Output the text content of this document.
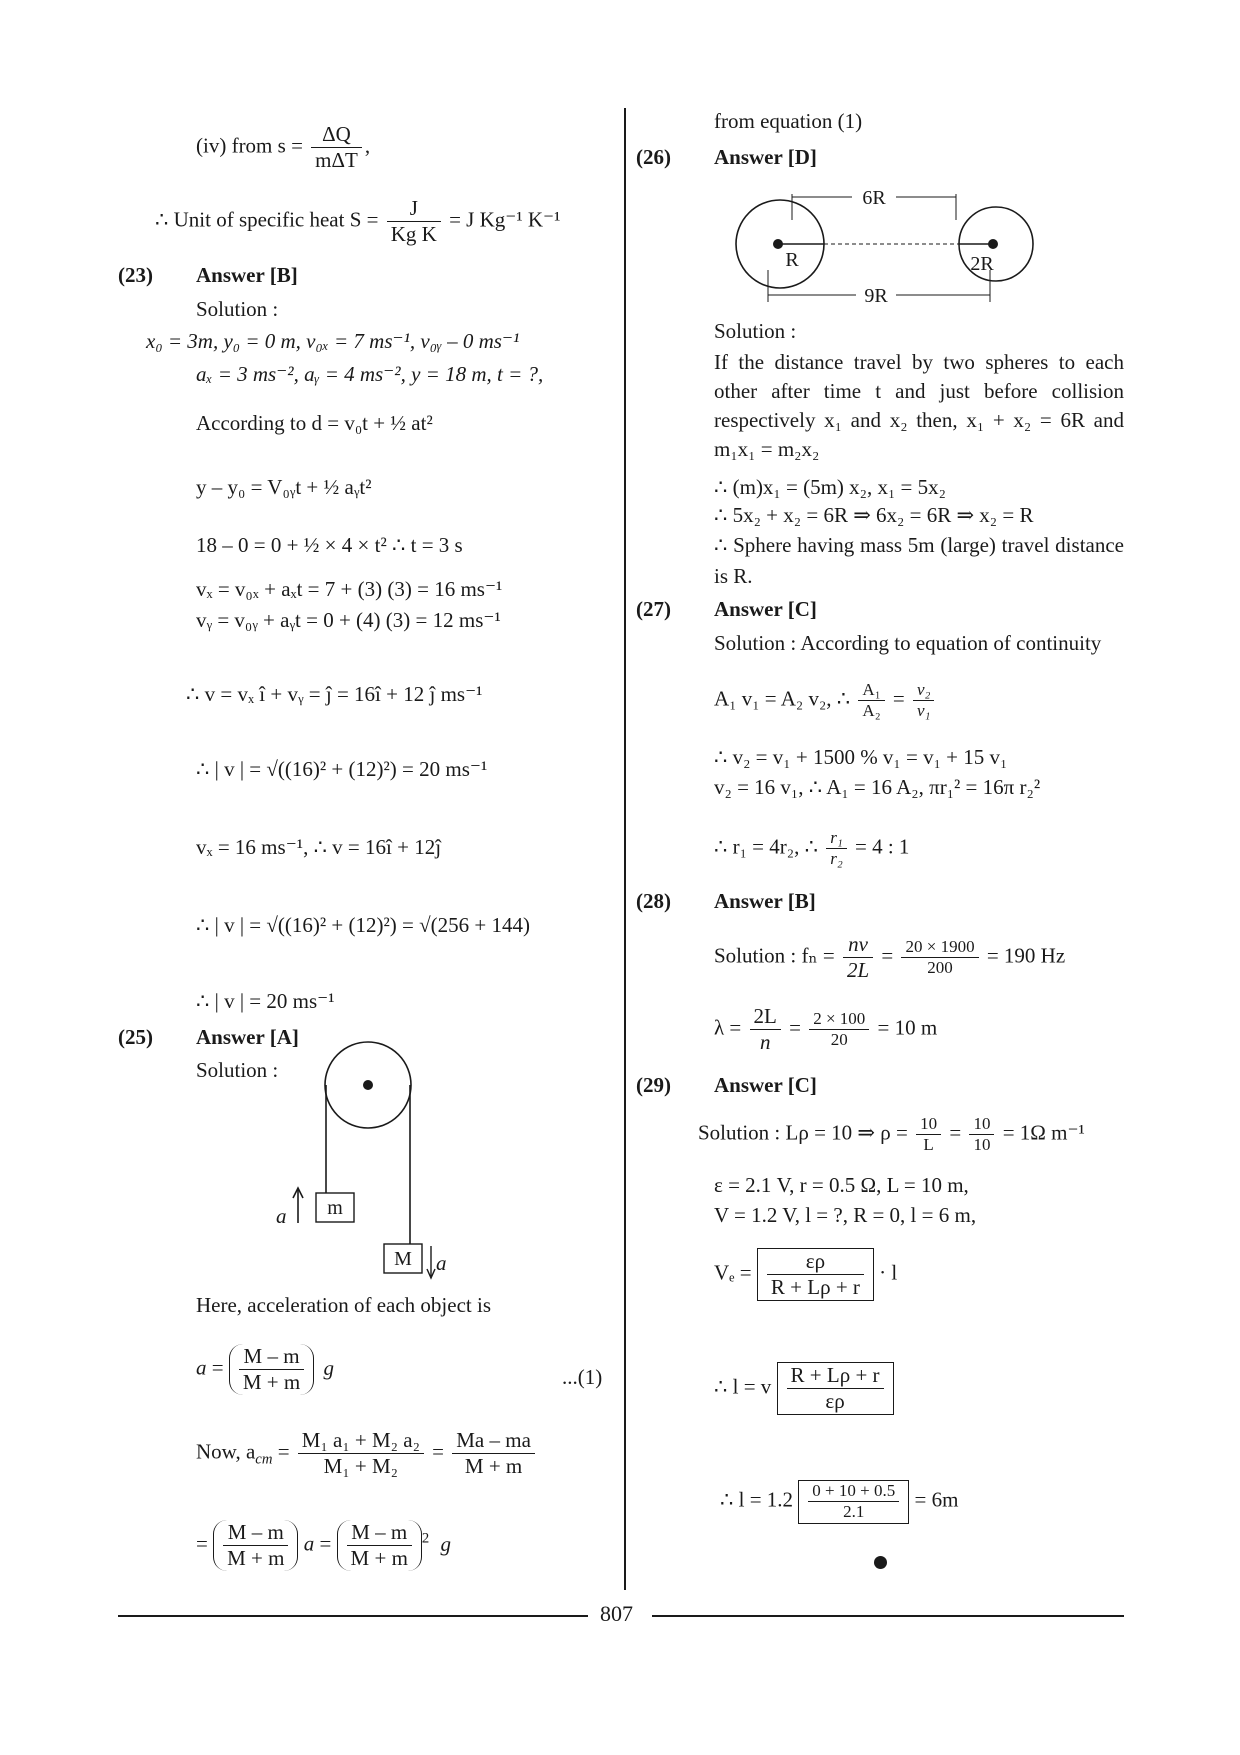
(iv) from $s = \frac{\Delta Q}{\text{mΔT}}$ ,
∴ Unit of specific heat $S = \frac{J}{\text{Kg K}} = J$ Kg⁻¹ K⁻¹
(23) Answer [B]
Solution :
x₀ = 3m, y₀ = 0 m, v₀ₓ = 7 ms⁻¹, v₀ᵧ – 0 ms⁻¹
aₓ = 3 ms⁻², aᵧ = 4 ms⁻², y = 18 m, t = ?,
According to d = v₀t + ½ at²
y – y₀ = V₀ᵧt + ½ aᵧt²
18 – 0 = 0 + ½ × 4 × t² ∴ t = 3 s
vₓ = v₀ₓ + aₓt = 7 + (3) (3) = 16 ms⁻¹
vᵧ = v₀ᵧ + aᵧt = 0 + (4) (3) = 12 ms⁻¹
∴ v = vₓ î + vᵧ = ĵ = 16î + 12 ĵ ms⁻¹
∴ | v | = √((16)² + (12)²) = 20 ms⁻¹
vₓ = 16 ms⁻¹, ∴ v = 16î + 12ĵ
∴ | v | = √((16)² + (12)²) = √(256 + 144)
∴ | v | = 20 ms⁻¹
(25) Answer [A]
Solution :
m
M
a
a
Here, acceleration of each object is
$a = \frac{M - m}{M + m}$ g	...(1)
Now, $a_{cm} = \frac{\text{M₁ a₁ + M₂ a₂}}{\text{M₁ + M₂}} = \frac{Ma - ma}{M + m}$
= $\frac{M - m}{M + m}$ $a = \frac{M - m}{M + m} ^2$ g
from equation (1)
(26) Answer [D]
6R
9R
R	2R
Solution :
If the distance travel by two spheres to each other after time t and just before collision respectively x₁ and x₂ then, x₁ + x₂ = 6R and m₁x₁ = m₂x₂
∴ (m)x₁ = (5m) x₂, x₁ = 5x₂
∴ 5x₂ + x₂ = 6R ⇒ 6x₂ = 6R ⇒ x₂ = R
∴ Sphere having mass 5m (large) travel distance is R.
(27) Answer [C]
Solution : According to equation of continuity
A₁ v₁ = A₂ v₂, ∴ $\frac{\text{A₁}}{\text{A₂}} = \frac{\text{v₂}}{\text{v₁}}$
∴ v₂ = v₁ + 1500 % v₁ = v₁ + 15 v₁
v₂ = 16 v₁, ∴ A₁ = 16 A₂, πr₁² = 16π r₂²
∴ r₁ = 4r₂, ∴ $\frac{\text{r₁}}{\text{r₂}} = 4$ : 1
(28) Answer [B]
Solution : $f_n = \frac{nv}{2L} = \frac{20 \times 1900}{200} = 190$ Hz
$\lambda = \frac{2L}{n} = \frac{2 \times 100}{20} = 10$ m
(29) Answer [C]
Solution : Lρ = 10 ⇒ $\rho = \frac{10}{L} = \frac{10}{10} = 1\Omega$ m⁻¹
ε = 2.1 V, r = 0.5 Ω, L = 10 m,
V = 1.2 V, l = ?, R = 0, l = 6 m,
$V_e = \frac{\varepsilon\rho}{R + L\rho + r} \cdot l$
∴ l = v $\frac{R + L\rho + r}{\varepsilon\rho}$
∴ $l = 1.2 \frac{0 + 10 + 0.5}{2.1} = 6m$
807
